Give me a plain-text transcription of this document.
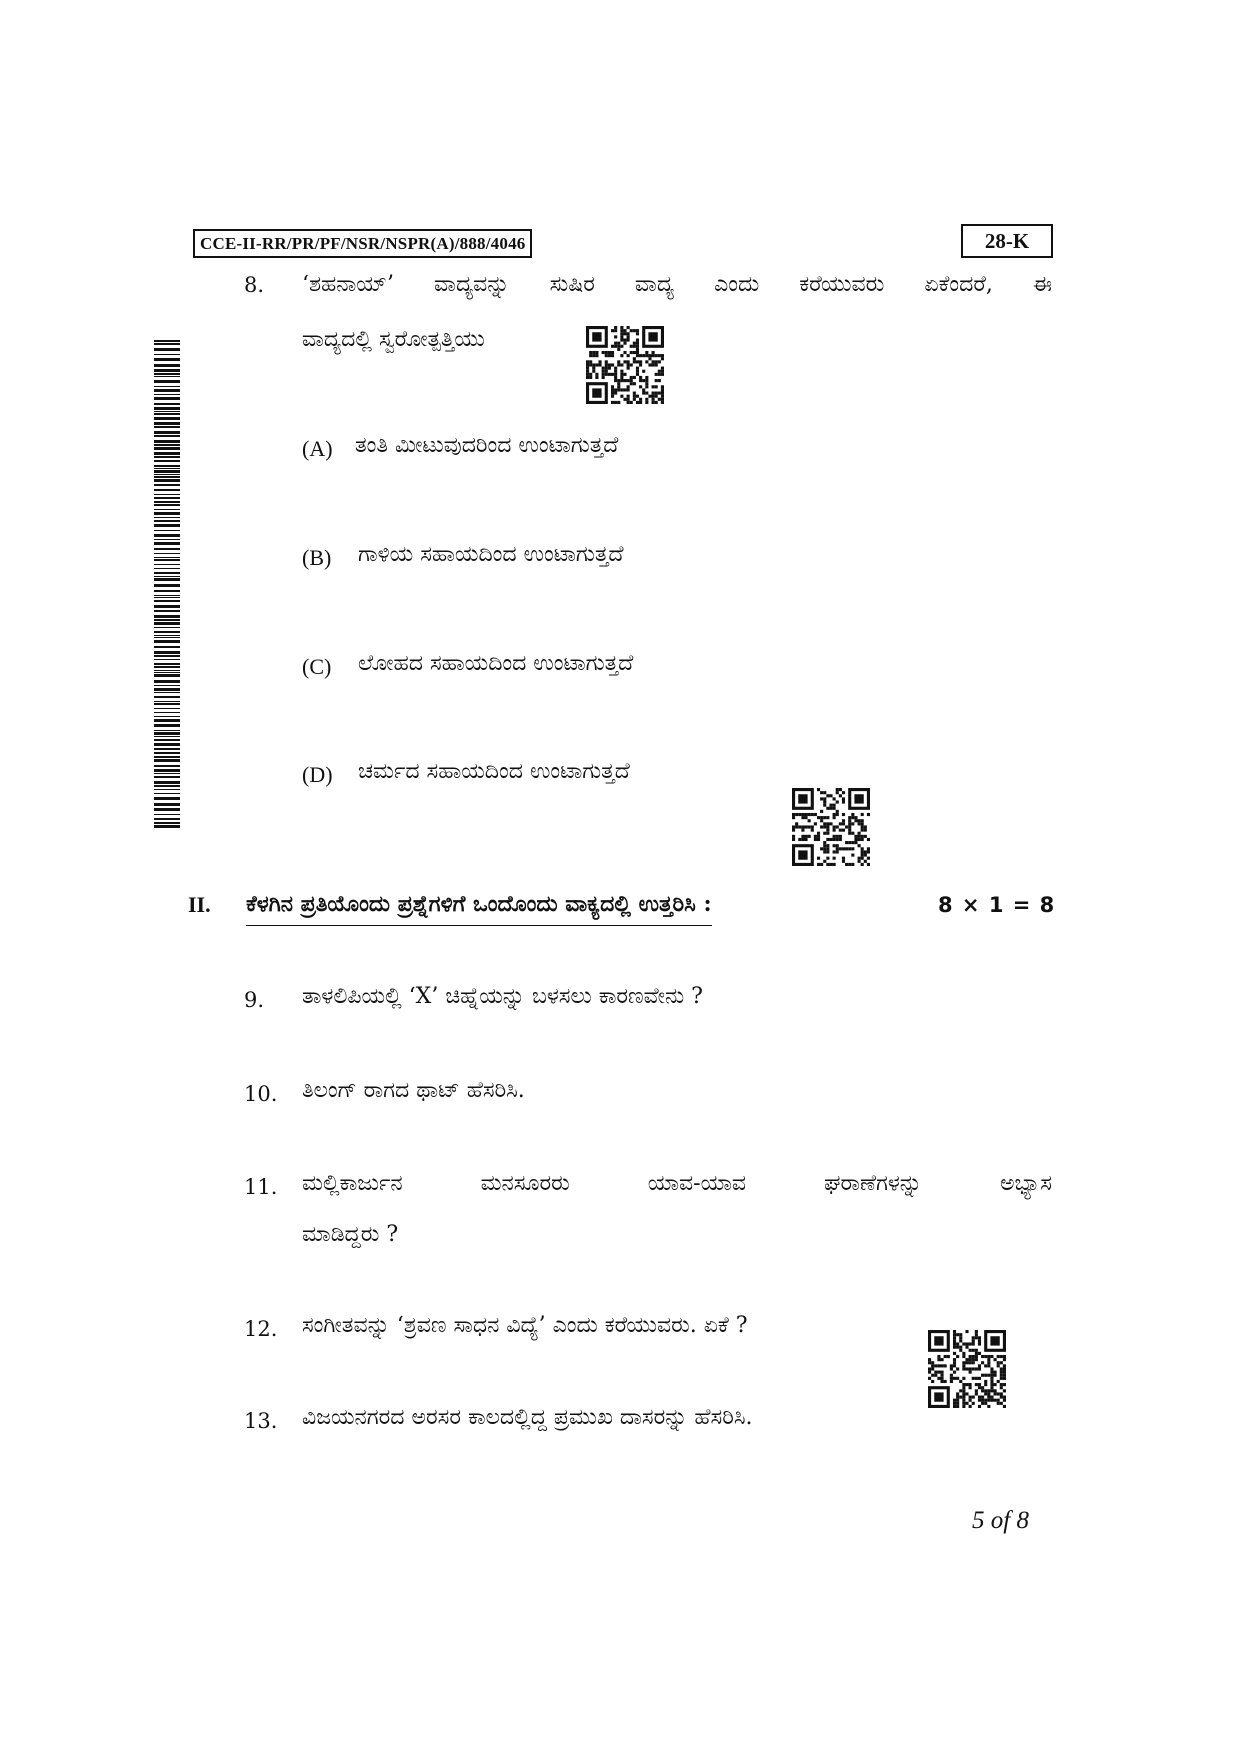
CCE-II-RR/PR/PF/NSR/NSPR(A)/888/4046	28-K
8. ‘ಶಹನಾಯ್’ ವಾದ್ಯವನ್ನು ಸುಷಿರ ವಾದ್ಯ ಎಂದು ಕರೆಯುವರು ಏಕೆಂದರೆ, ಈ
ವಾದ್ಯದಲ್ಲಿ ಸ್ವರೋತ್ಪತ್ತಿಯು
(A) ತಂತಿ ಮೀಟುವುದರಿಂದ ಉಂಟಾಗುತ್ತದೆ
(B) ಗಾಳಿಯ ಸಹಾಯದಿಂದ ಉಂಟಾಗುತ್ತದೆ
(C) ಲೋಹದ ಸಹಾಯದಿಂದ ಉಂಟಾಗುತ್ತದೆ
(D) ಚರ್ಮದ ಸಹಾಯದಿಂದ ಉಂಟಾಗುತ್ತದೆ
II. ಕೆಳಗಿನ ಪ್ರತಿಯೊಂದು ಪ್ರಶ್ನೆಗಳಿಗೆ ಒಂದೊಂದು ವಾಕ್ಯದಲ್ಲಿ ಉತ್ತರಿಸಿ :	8 × 1 = 8
9. ತಾಳಲಿಪಿಯಲ್ಲಿ ‘X’ ಚಿಹ್ನೆಯನ್ನು ಬಳಸಲು ಕಾರಣವೇನು ?
10. ತಿಲಂಗ್ ರಾಗದ ಥಾಟ್ ಹೆಸರಿಸಿ.
11. ಮಲ್ಲಿಕಾರ್ಜುನ ಮನಸೂರರು ಯಾವ-ಯಾವ ಘರಾಣೆಗಳನ್ನು ಅಭ್ಯಾಸ
ಮಾಡಿದ್ದರು ?
12. ಸಂಗೀತವನ್ನು ‘ಶ್ರವಣ ಸಾಧನ ವಿದ್ಯೆ’ ಎಂದು ಕರೆಯುವರು. ಏಕೆ ?
13. ವಿಜಯನಗರದ ಅರಸರ ಕಾಲದಲ್ಲಿದ್ದ ಪ್ರಮುಖ ದಾಸರನ್ನು ಹೆಸರಿಸಿ.
5 of 8
